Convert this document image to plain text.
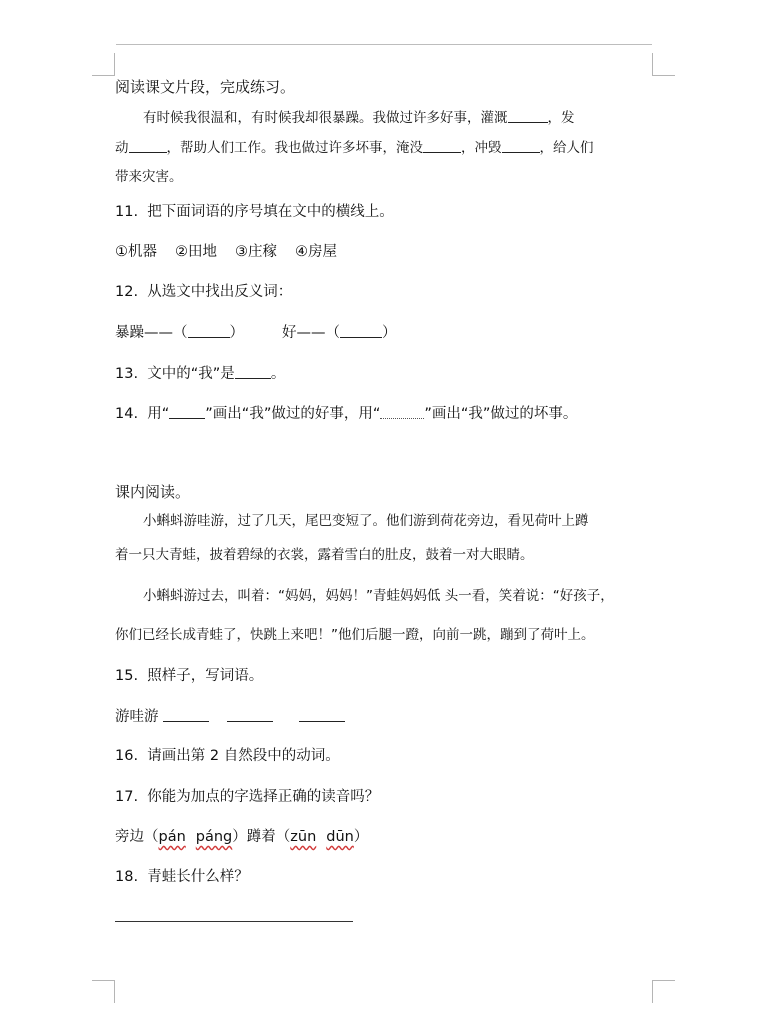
阅读课文片段，完成练习。
有时候我很温和，有时候我却很暴躁。我做过许多好事，灌溉	，发
动	，帮助人们工作。我也做过许多坏事，淹没	，冲毁	，给人们
带来灾害。
11. 把下面词语的序号填在文中的横线上。
①机器 ②田地 ③庄稼 ④房屋
12. 从选文中找出反义词：
暴躁——（	）	好——（	）
13. 文中的“我”是 。
14. 用“ ”画出“我”做过的好事，用“	”画出“我”做过的坏事。
课内阅读。
小蝌蚪游哇游，过了几天，尾巴变短了。他们游到荷花旁边，看见荷叶上蹲
着一只大青蛙，披着碧绿的衣裳，露着雪白的肚皮，鼓着一对大眼睛。
小蝌蚪游过去，叫着：“妈妈，妈妈！”青蛙妈妈低 头一看，笑着说：“好孩子，
你们已经长成青蛙了，快跳上来吧！”他们后腿一蹬，向前一跳，蹦到了荷叶上。
15. 照样子，写词语。
游哇游
16. 请画出第 2 自然段中的动词。
17. 你能为加点的字选择正确的读音吗？
旁边（pán páng）蹲着（zūn dūn）
18. 青蛙长什么样？
